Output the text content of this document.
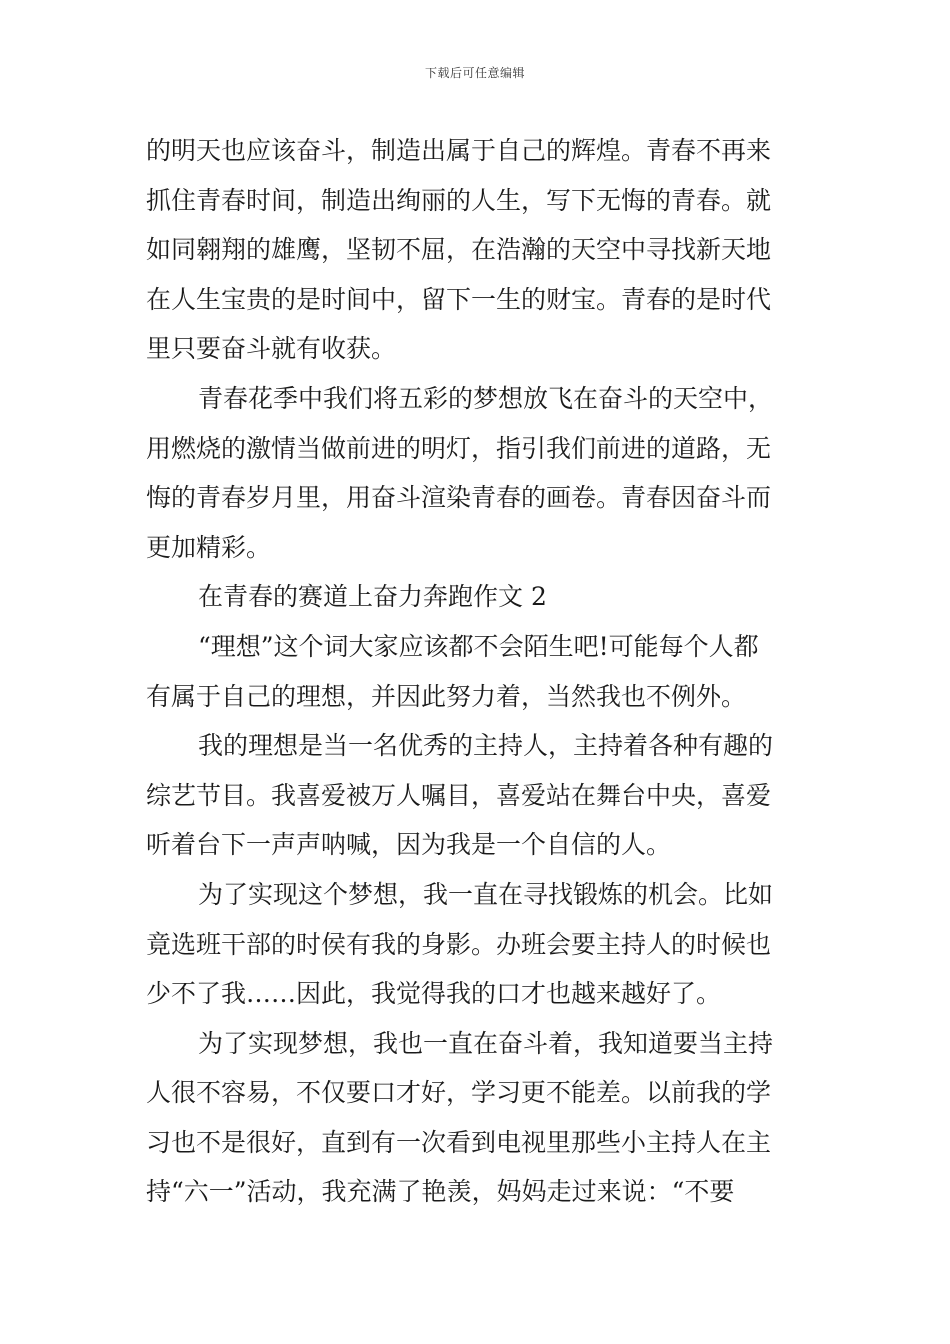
下载后可任意编辑
的明天也应该奋斗，制造出属于自己的辉煌。青春不再来
抓住青春时间，制造出绚丽的人生，写下无悔的青春。就
如同翱翔的雄鹰，坚韧不屈，在浩瀚的天空中寻找新天地
在人生宝贵的是时间中，留下一生的财宝。青春的是时代
里只要奋斗就有收获。
青春花季中我们将五彩的梦想放飞在奋斗的天空中，
用燃烧的激情当做前进的明灯，指引我们前进的道路，无
悔的青春岁月里，用奋斗渲染青春的画卷。青春因奋斗而
更加精彩。
在青春的赛道上奋力奔跑作文 2
“理想”这个词大家应该都不会陌生吧!可能每个人都
有属于自己的理想，并因此努力着，当然我也不例外。
我的理想是当一名优秀的主持人，主持着各种有趣的
综艺节目。我喜爱被万人嘱目，喜爱站在舞台中央，喜爱
听着台下一声声呐喊，因为我是一个自信的人。
为了实现这个梦想，我一直在寻找锻炼的机会。比如
竟选班干部的时侯有我的身影。办班会要主持人的时候也
少不了我……因此，我觉得我的口才也越来越好了。
为了实现梦想，我也一直在奋斗着，我知道要当主持
人很不容易，不仅要口才好，学习更不能差。以前我的学
习也不是很好，直到有一次看到电视里那些小主持人在主
持“六一”活动，我充满了艳羡，妈妈走过来说：“不要
